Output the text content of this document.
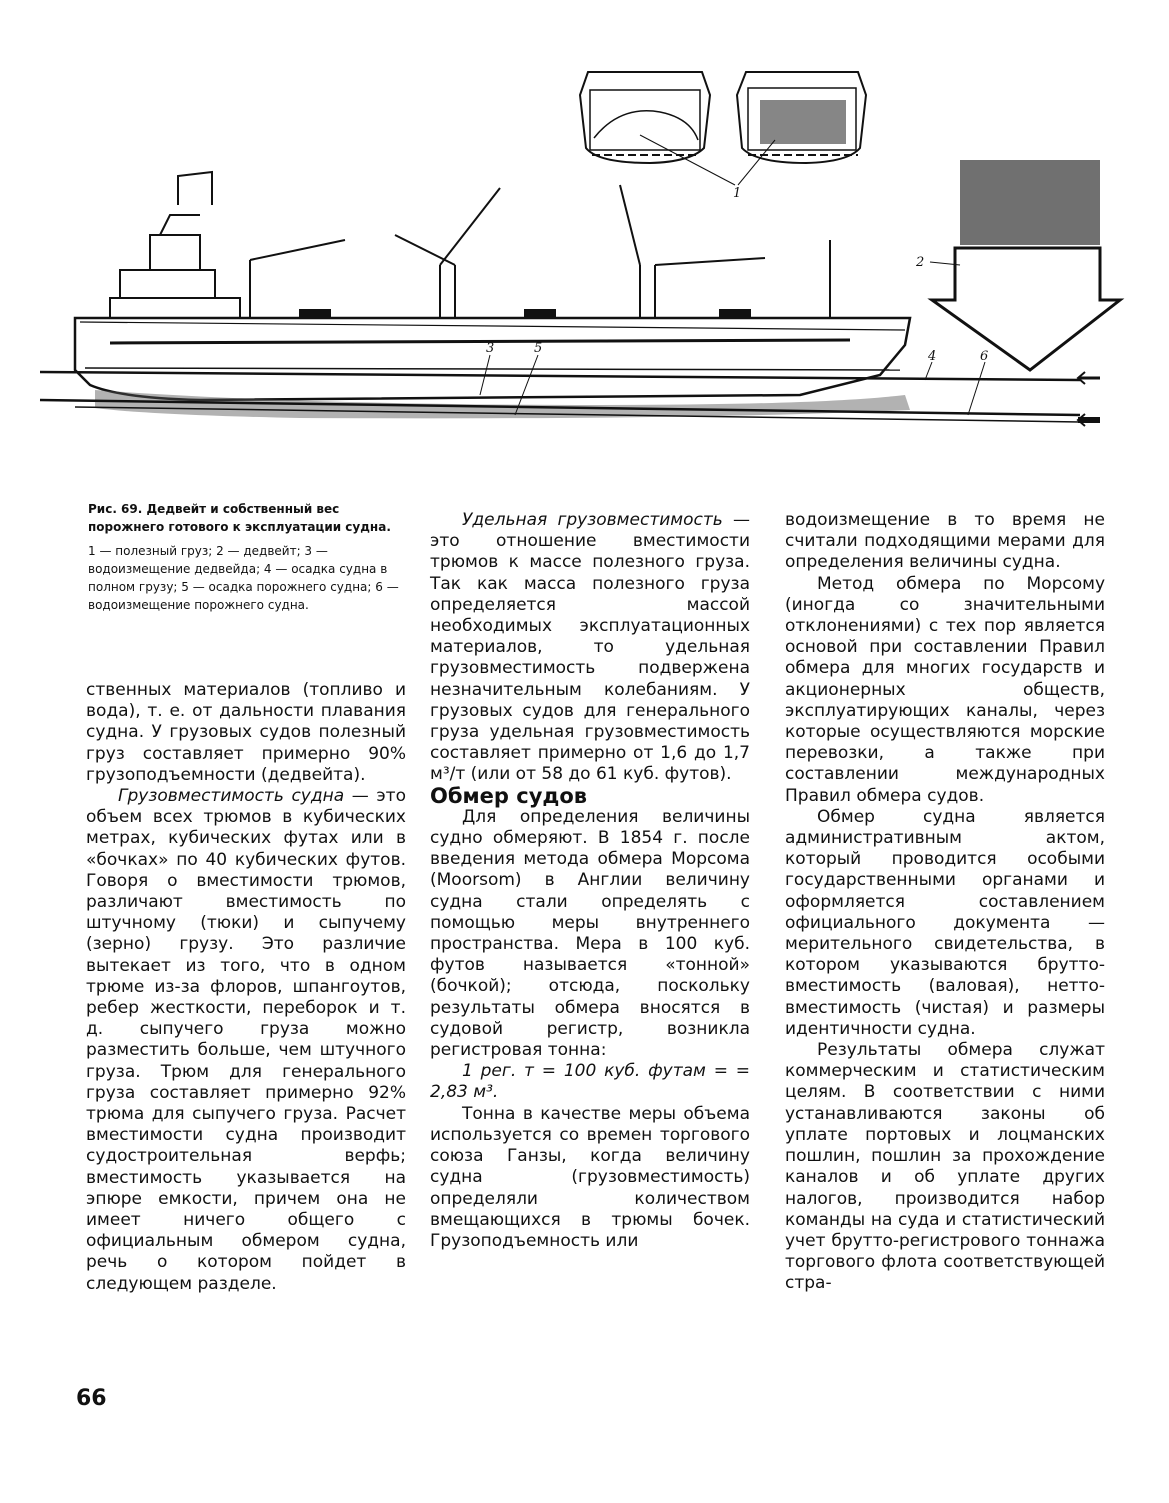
1
2
3
4
5
6
Рис. 69. Дедвейт и собственный вес порожнего готового к эксплуатации судна.
1 — полезный груз; 2 — дедвейт; 3 — водоизмещение дедвейда; 4 — осадка судна в полном грузу; 5 — осадка порожнего судна; 6 — водоизмещение порожнего судна.

ственных материалов (топливо и вода), т. е. от дальности плавания судна. У грузовых судов полезный груз составляет примерно 90% грузоподъемности (дедвейта).

Грузовместимость судна — это объем всех трюмов в кубических метрах, кубических футах или в «бочках» по 40 кубических футов. Говоря о вместимости трюмов, различают вместимость по штучному (тюки) и сыпучему (зерно) грузу. Это различие вытекает из того, что в одном трюме из-за флоров, шпангоутов, ребер жесткости, переборок и т. д. сыпучего груза можно разместить больше, чем штучного груза. Трюм для генерального груза составляет примерно 92% трюма для сыпучего груза. Расчет вместимости судна производит судостроительная верфь; вместимость указывается на эпюре емкости, причем она не имеет ничего общего с официальным обмером судна, речь о котором пойдет в следующем разделе.

Удельная грузовместимость — это отношение вместимости трюмов к массе полезного груза. Так как масса полезного груза определяется массой необходимых эксплуатационных материалов, то удельная грузовместимость подвержена незначительным колебаниям. У грузовых судов для генерального груза удельная грузовместимость составляет примерно от 1,6 до 1,7 м³/т (или от 58 до 61 куб. футов).

Обмер судов

Для определения величины судно обмеряют. В 1854 г. после введения метода обмера Морсома (Moorsom) в Англии величину судна стали определять с помощью меры внутреннего пространства. Мера в 100 куб. футов называется «тонной» (бочкой); отсюда, поскольку результаты обмера вносятся в судовой регистр, возникла регистровая тонна:

1 рег. т = 100 куб. футам = = 2,83 м³.

Тонна в качестве меры объема используется со времен торгового союза Ганзы, когда величину судна (грузовместимость) определяли количеством вмещающихся в трюмы бочек. Грузоподъемность или

водоизмещение в то время не считали подходящими мерами для определения величины судна.

Метод обмера по Морсому (иногда со значительными отклонениями) с тех пор является основой при составлении Правил обмера для многих государств и акционерных обществ, эксплуатирующих каналы, через которые осуществляются морские перевозки, а также при составлении международных Правил обмера судов.

Обмер судна является административным актом, который проводится особыми государственными органами и оформляется составлением официального документа — мерительного свидетельства, в котором указываются брутто-вместимость (валовая), нетто-вместимость (чистая) и размеры идентичности судна.

Результаты обмера служат коммерческим и статистическим целям. В соответствии с ними устанавливаются законы об уплате портовых и лоцманских пошлин, пошлин за прохождение каналов и об уплате других налогов, производится набор команды на суда и статистический учет брутто-регистрового тоннажа торгового флота соответствующей стра-

66
